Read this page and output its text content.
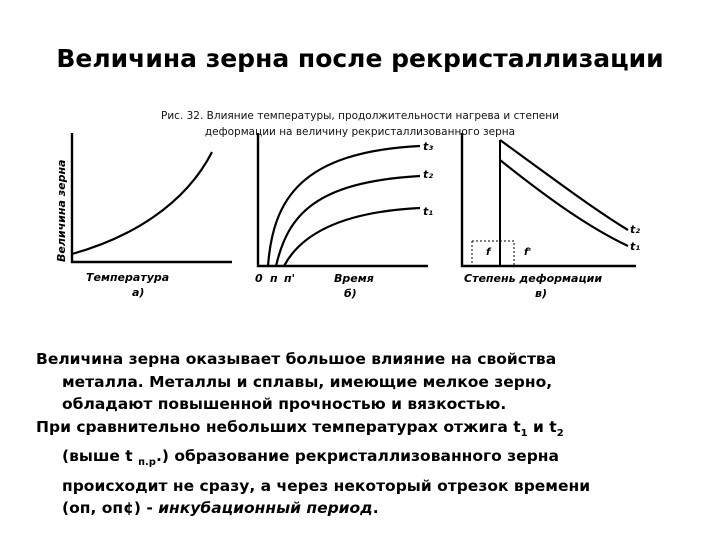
Величина зерна после рекристаллизации
Рис. 32. Влияние температуры, продолжительности нагрева и степени
деформации на величину рекристаллизованного зерна
Величина зерна
Температура
а)
0 п п'	Время
б)
t₃
t₂
t₁
f	f'
t₂
t₁
Степень деформации
в)

Величина зерна оказывает большое влияние на свойства

металла. Металлы и сплавы, имеющие мелкое зерно,

обладают повышенной прочностью и вязкостью.

При сравнительно небольших температурах отжига $t_1$ и $t_2$

(выше t $_{п.р}$.) образование рекристаллизованного зерна

происходит не сразу, а через некоторый отрезок времени

(оп, оп¢) - инкубационный период.
